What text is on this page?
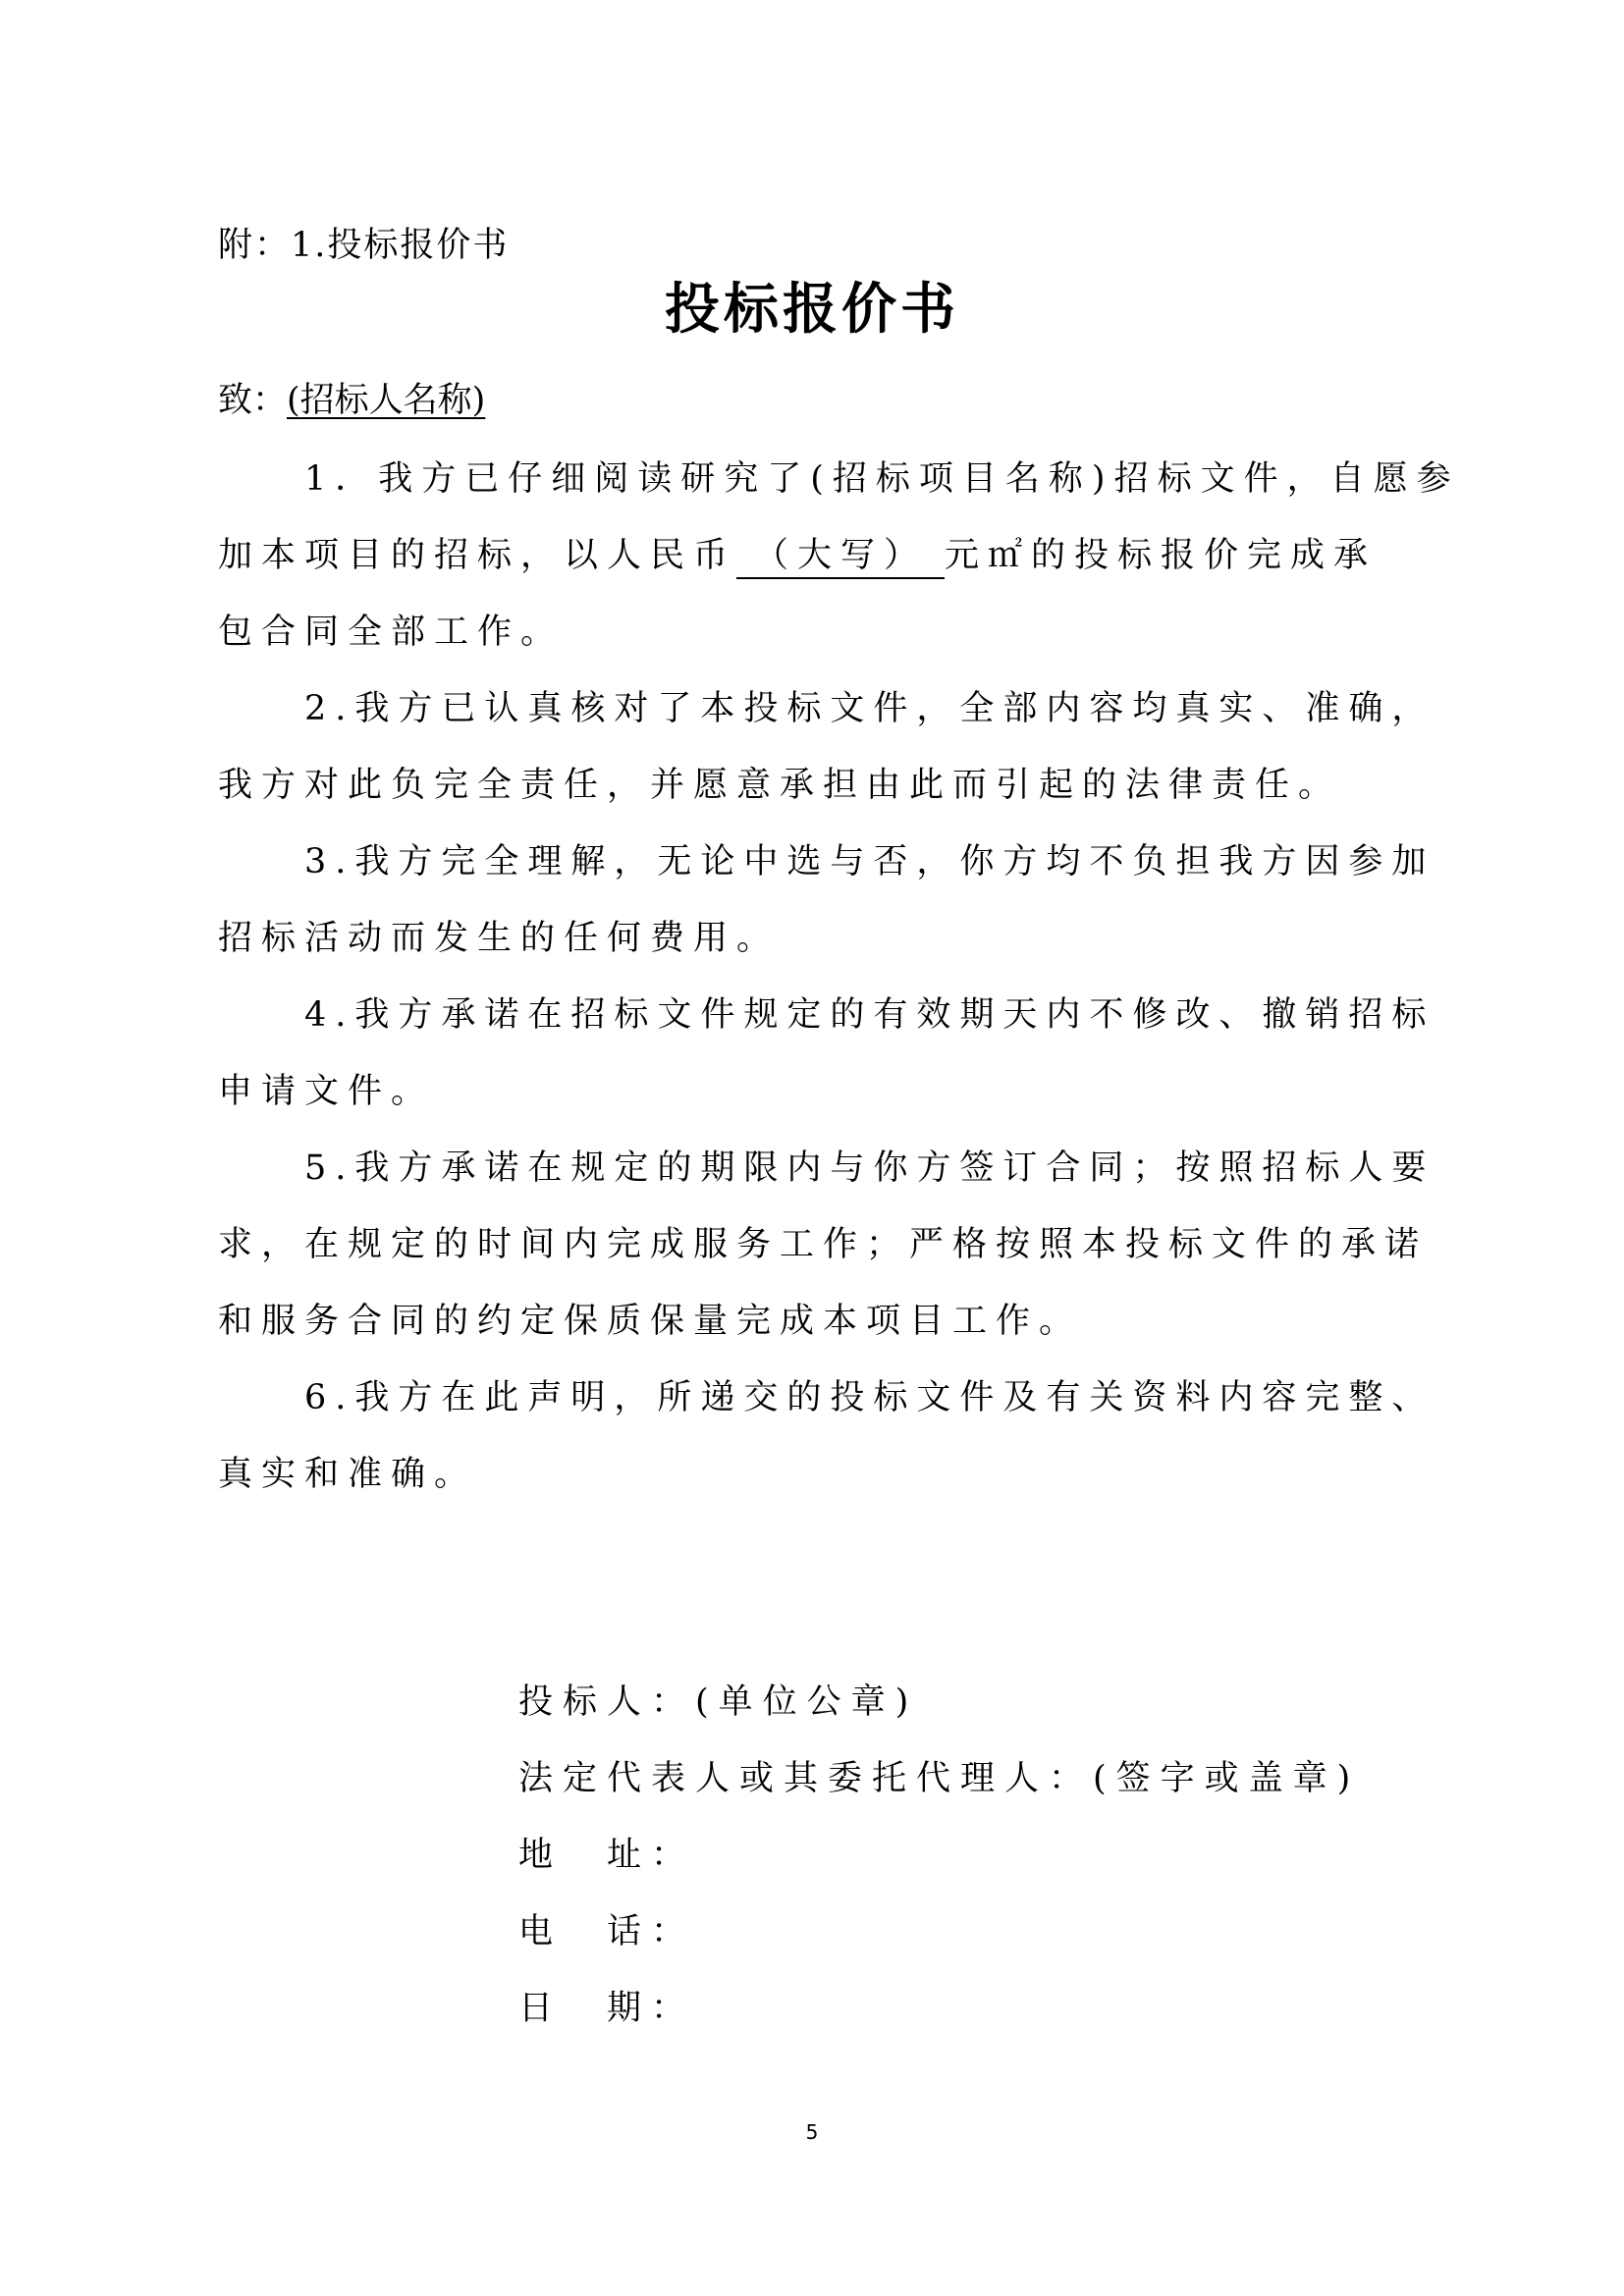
附：1.投标报价书
投标报价书
致：(招标人名称)
1．我方已仔细阅读研究了(招标项目名称)招标文件，自愿参
加本项目的招标，以人民币 （大写） 元㎡的投标报价完成承
包合同全部工作。
2.我方已认真核对了本投标文件，全部内容均真实、准确，
我方对此负完全责任，并愿意承担由此而引起的法律责任。
3.我方完全理解，无论中选与否，你方均不负担我方因参加
招标活动而发生的任何费用。
4.我方承诺在招标文件规定的有效期天内不修改、撤销招标
申请文件。
5.我方承诺在规定的期限内与你方签订合同；按照招标人要
求，在规定的时间内完成服务工作；严格按照本投标文件的承诺
和服务合同的约定保质保量完成本项目工作。
6.我方在此声明，所递交的投标文件及有关资料内容完整、
真实和准确。
投标人：(单位公章)
法定代表人或其委托代理人：(签字或盖章)
地　址：
电　话：
日　期：
5
